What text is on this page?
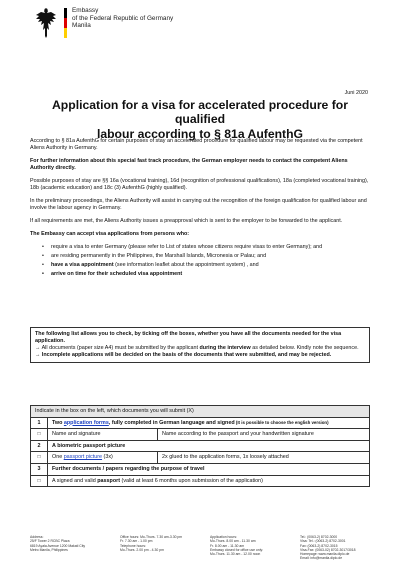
Embassy
of the Federal Republic of Germany
Manila
Juni 2020
Application for a visa for accelerated procedure for qualified
labour according to § 81a AufenthG

According to § 81a AufenthG for certain purposes of stay an accelerated procedure for qualified labour may be requested via the competent Aliens Authority in Germany.

For further information about this special fast track procedure, the German employer needs to contact the competent Aliens Authority directly.

Possible purposes of stay are §§ 16a (vocational training), 16d (recognition of professional qualifications), 18a (completed vocational training), 18b (academic education) and 18c (3) AufenthG (highly qualified).

In the preliminary proceedings, the Aliens Authority will assist in carrying out the recognition of the foreign qualification for qualified labour and involve the labour agency in Germany.

If all requirements are met, the Aliens Authority issues a preapproval which is sent to the employer to be forwarded to the applicant.

The Embassy can accept visa applications from persons who:

• require a visa to enter Germany (please refer to List of states whose citizens require visas to enter Germany); and
• are residing permanently in the Philippines, the Marshall Islands, Micronesia or Palau; and
• have a visa appointment (see information leaflet about the appointment system) , and
• arrive on time for their scheduled visa appointment
The following list allows you to check, by ticking off the boxes, whether you have all the documents needed for the visa application.
→ All documents (paper size A4) must be submitted by the applicant during the interview as detailed below. Kindly note the sequence.
→ Incomplete applications will be decided on the basis of the documents that were submitted, and may be rejected.
Indicate in the box on the left, which documents you will submit (X)
1	Two application forms, fully completed in German language and signed (It is possible to choose the english version)
□	Name and signature	Name according to the passport and your handwritten signature
2	A biometric passport picture
□	One passport picture (3x)	2x glued to the application forms, 1x loosely attached
3	Further documents / papers regarding the purpose of travel
□	A signed and valid passport (valid at least 6 months upon submission of the application)
Address:
25/F Tower 2 RCBC Plaza
6819 Ayala Avenue 1200 Makati City
Metro Manila, Philippines
Office hours: Mo-Thurs. 7.30 am-3.30 pm
Fr. 7.30 am - 1.00 pm
Telephone hours:
Mo-Thurs. 2.00 pm - 4.30 pm
Application hours:
Mo-Thurs. 8.00 am - 11.30 am
Fr. 8.00 am - 11.30 am
Embassy closed for office use only:
Mo-Thurs. 11.30 am - 12.00 noon
Tel.: (0063-2) 8702-3000
Visa: Tel.: (0063-2) 8702-3001
Fax: (0063-2) 8702-3015
Visa-Fax: (0063-02) 8702-3017/3018
Homepage: www.manila.diplo.de
Email: info@manila.diplo.de
